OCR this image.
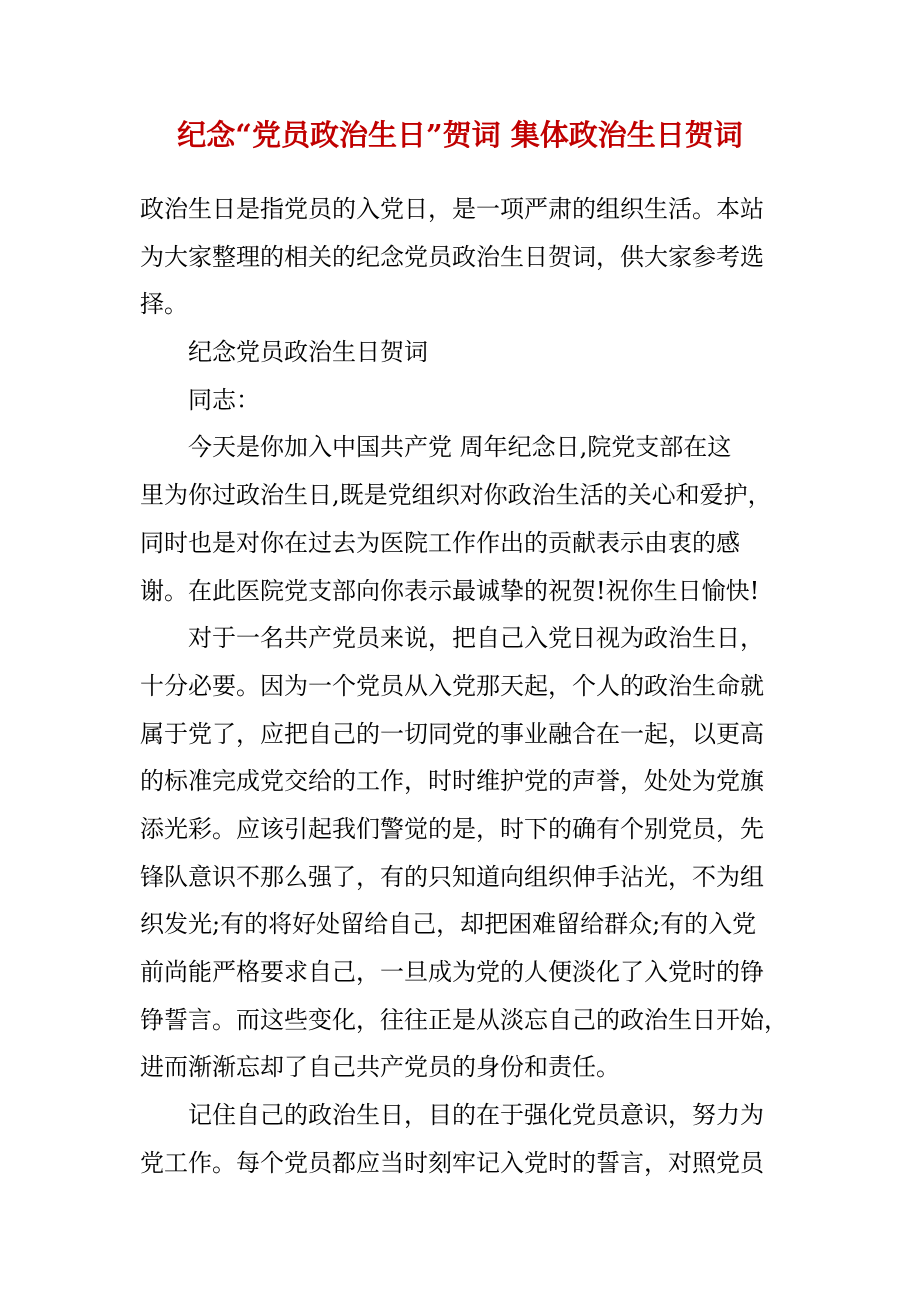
纪念“党员政治生日”贺词 集体政治生日贺词
政治生日是指党员的入党日，是一项严肃的组织生活。本站
为大家整理的相关的纪念党员政治生日贺词，供大家参考选
择。
纪念党员政治生日贺词
同志：
今天是你加入中国共产党 周年纪念日,院党支部在这
里为你过政治生日,既是党组织对你政治生活的关心和爱护，
同时也是对你在过去为医院工作作出的贡献表示由衷的感
谢。在此医院党支部向你表示最诚挚的祝贺!祝你生日愉快!
对于一名共产党员来说，把自己入党日视为政治生日，
十分必要。因为一个党员从入党那天起，个人的政治生命就
属于党了，应把自己的一切同党的事业融合在一起，以更高
的标准完成党交给的工作，时时维护党的声誉，处处为党旗
添光彩。应该引起我们警觉的是，时下的确有个别党员，先
锋队意识不那么强了，有的只知道向组织伸手沾光，不为组
织发光;有的将好处留给自己，却把困难留给群众;有的入党
前尚能严格要求自己，一旦成为党的人便淡化了入党时的铮
铮誓言。而这些变化，往往正是从淡忘自己的政治生日开始，
进而渐渐忘却了自己共产党员的身份和责任。
记住自己的政治生日，目的在于强化党员意识，努力为
党工作。每个党员都应当时刻牢记入党时的誓言，对照党员
